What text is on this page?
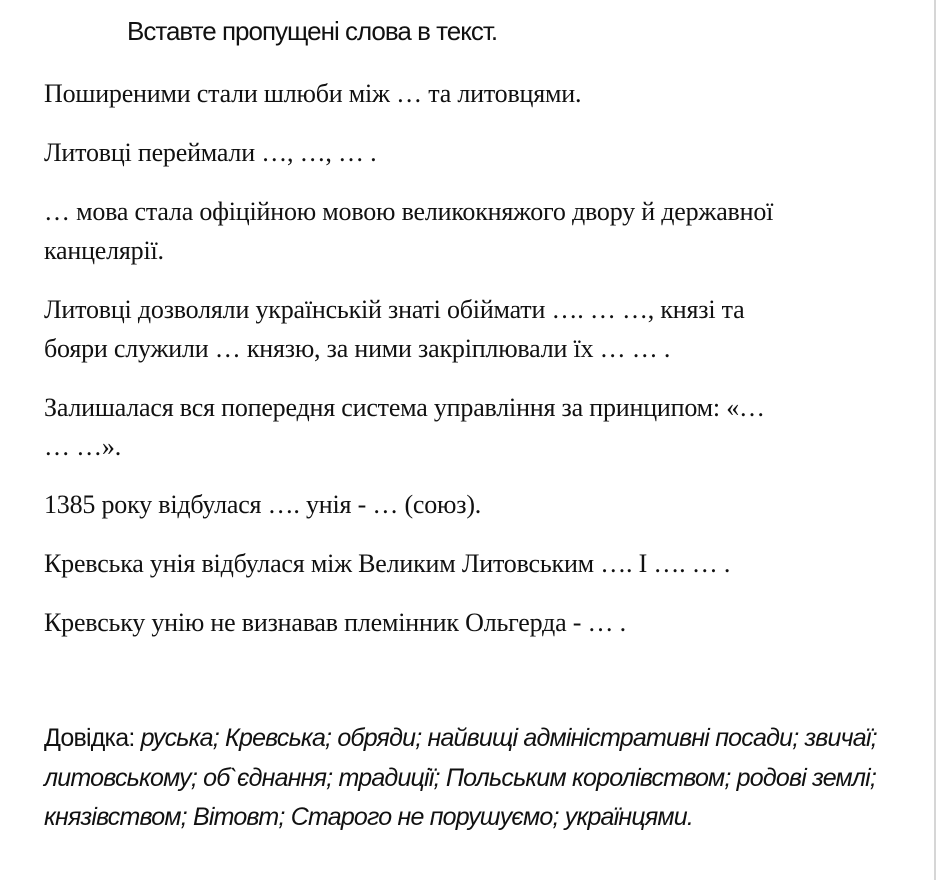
Вставте пропущені слова в текст.

Поширеними стали шлюби між … та литовцями.

Литовці переймали …, …, … .

… мова стала офіційною мовою великокняжого двору й державної

канцелярії.

Литовці дозволяли українській знаті обіймати …. … …, князі та

бояри служили … князю, за ними закріплювали їх … … .

Залишалася вся попередня система управління за принципом: «…

… …».

1385 року відбулася …. унія - … (союз).

Кревська унія відбулася між Великим Литовським …. І …. … .

Кревську унію не визнавав племінник Ольгерда - … .

Довідка: руська; Кревська; обряди; найвищі адміністративні посади; звичаї; литовському; об`єднання; традиції; Польським королівством; родові землі; князівством; Вітовт; Старого не порушуємо; українцями.
